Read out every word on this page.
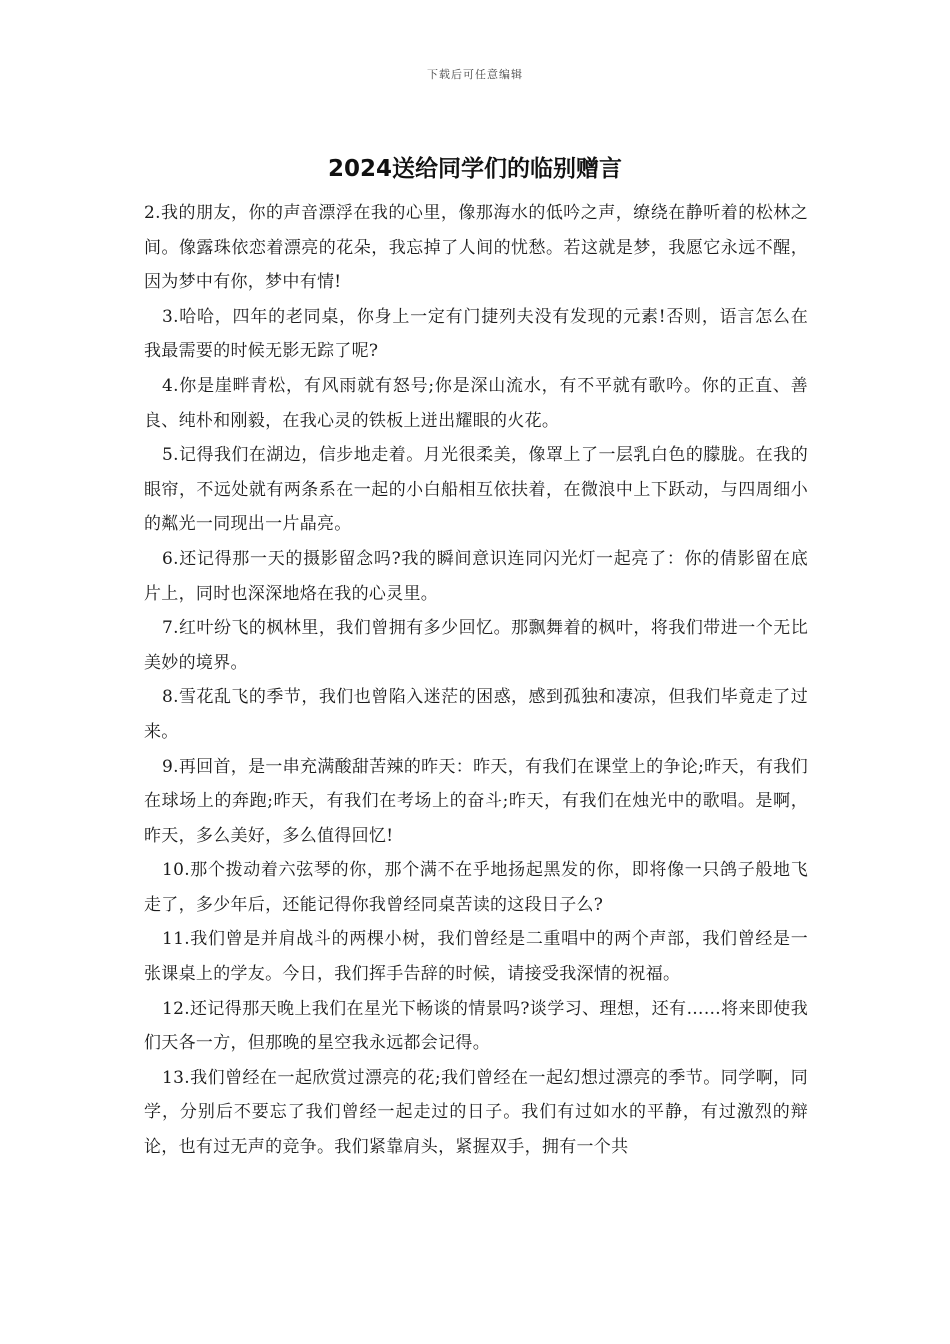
下载后可任意编辑
2024送给同学们的临别赠言

2.我的朋友，你的声音漂浮在我的心里，像那海水的低吟之声，缭绕在静听着的松林之间。像露珠依恋着漂亮的花朵，我忘掉了人间的忧愁。若这就是梦，我愿它永远不醒，因为梦中有你，梦中有情!

3.哈哈，四年的老同桌，你身上一定有门捷列夫没有发现的元素!否则，语言怎么在我最需要的时候无影无踪了呢?

4.你是崖畔青松，有风雨就有怒号;你是深山流水，有不平就有歌吟。你的正直、善良、纯朴和刚毅，在我心灵的铁板上迸出耀眼的火花。

5.记得我们在湖边，信步地走着。月光很柔美，像罩上了一层乳白色的朦胧。在我的眼帘，不远处就有两条系在一起的小白船相互依扶着，在微浪中上下跃动，与四周细小的粼光一同现出一片晶亮。

6.还记得那一天的摄影留念吗?我的瞬间意识连同闪光灯一起亮了：你的倩影留在底片上，同时也深深地烙在我的心灵里。

7.红叶纷飞的枫林里，我们曾拥有多少回忆。那飘舞着的枫叶，将我们带进一个无比美妙的境界。

8.雪花乱飞的季节，我们也曾陷入迷茫的困惑，感到孤独和凄凉，但我们毕竟走了过来。

9.再回首，是一串充满酸甜苦辣的昨天：昨天，有我们在课堂上的争论;昨天，有我们在球场上的奔跑;昨天，有我们在考场上的奋斗;昨天，有我们在烛光中的歌唱。是啊，昨天，多么美好，多么值得回忆!

10.那个拨动着六弦琴的你，那个满不在乎地扬起黑发的你，即将像一只鸽子般地飞走了，多少年后，还能记得你我曾经同桌苦读的这段日子么?

11.我们曾是并肩战斗的两棵小树，我们曾经是二重唱中的两个声部，我们曾经是一张课桌上的学友。今日，我们挥手告辞的时候，请接受我深情的祝福。

12.还记得那天晚上我们在星光下畅谈的情景吗?谈学习、理想，还有……将来即使我们天各一方，但那晚的星空我永远都会记得。

13.我们曾经在一起欣赏过漂亮的花;我们曾经在一起幻想过漂亮的季节。同学啊，同学，分别后不要忘了我们曾经一起走过的日子。我们有过如水的平静，有过激烈的辩论，也有过无声的竞争。我们紧靠肩头，紧握双手，拥有一个共
